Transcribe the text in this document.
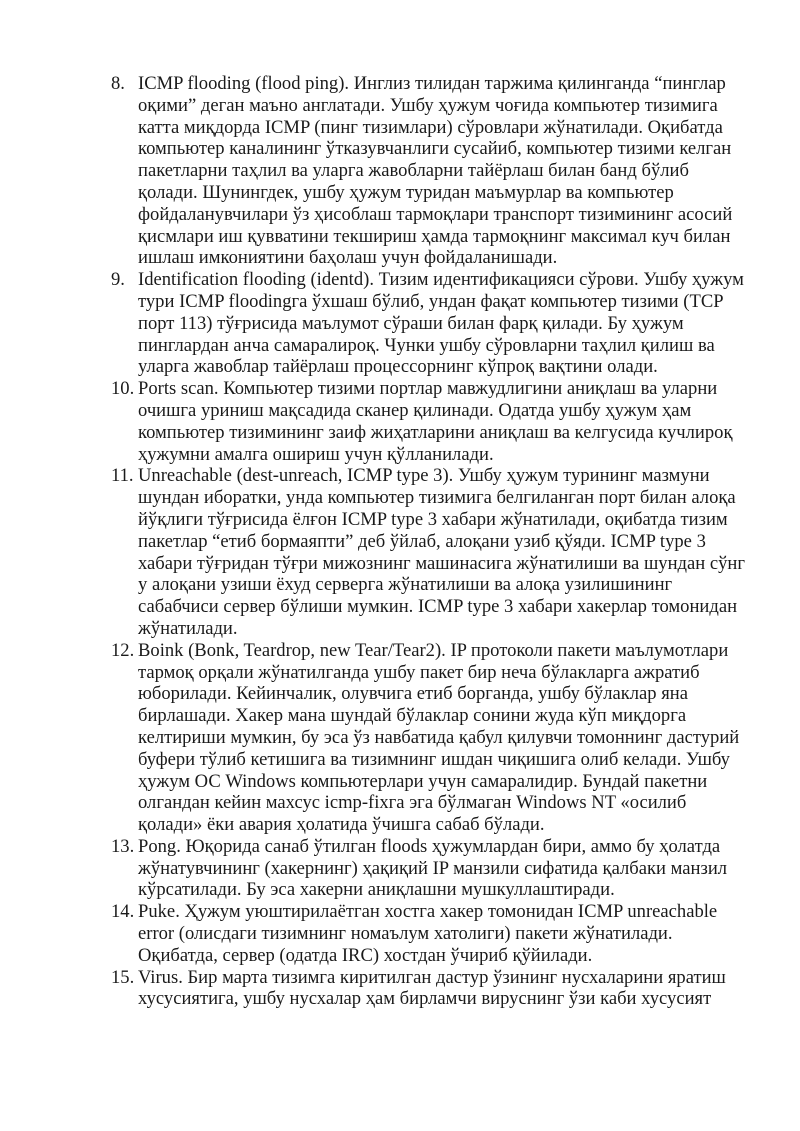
8. ICMP flooding (flood ping). Инглиз тилидан таржима қилинганда “пинглар оқими” деган маъно англатади. Ушбу ҳужум чоғида компьютер тизимига катта миқдорда ICMP (пинг тизимлари) сўровлари жўнатилади. Оқибатда компьютер каналининг ўтказувчанлиги сусайиб, компьютер тизими келган пакетларни таҳлил ва уларга жавобларни тайёрлаш билан банд бўлиб қолади. Шунингдек, ушбу ҳужум туридан маъмурлар ва компьютер фойдаланувчилари ўз ҳисоблаш тармоқлари транспорт тизимининг асосий қисмлари иш қувватини текшириш ҳамда тармоқнинг максимал куч билан ишлаш имкониятини баҳолаш учун фойдаланишади.
9. Identification flooding (identd). Тизим идентификацияси сўрови. Ушбу ҳужум тури ICMP floodingга ўхшаш бўлиб, ундан фақат компьютер тизими (TCP порт 113) тўғрисида маълумот сўраши билан фарқ қилади. Бу ҳужум пинглардан анча самаралироқ. Чунки ушбу сўровларни таҳлил қилиш ва уларга жавоблар тайёрлаш процессорнинг кўпроқ вақтини олади.
10. Ports scan. Компьютер тизими портлар мавжудлигини аниқлаш ва уларни очишга уриниш мақсадида сканер қилинади. Одатда ушбу ҳужум ҳам компьютер тизимининг заиф жиҳатларини аниқлаш ва келгусида кучлироқ ҳужумни амалга ошириш учун қўлланилади.
11. Unreachable (dest-unreach, ICMP type 3). Ушбу ҳужум турининг мазмуни шундан иборатки, унда компьютер тизимига белгиланган порт билан алоқа йўқлиги тўғрисида ёлғон ICMP type 3 хабари жўнатилади, оқибатда тизим пакетлар “етиб бормаяпти” деб ўйлаб, алоқани узиб қўяди. ICMP type 3 хабари тўғридан тўғри мижознинг машинасига жўнатилиши ва шундан сўнг у алоқани узиши ёхуд серверга жўнатилиши ва алоқа узилишининг сабабчиси сервер бўлиши мумкин. ICMP type 3 хабари хакерлар томонидан жўнатилади.
12. Boink (Bonk, Teardrop, new Tear/Tear2). IP протоколи пакети маълумотлари тармоқ орқали жўнатилганда ушбу пакет бир неча бўлакларга ажратиб юборилади. Кейинчалик, олувчига етиб борганда, ушбу бўлаклар яна бирлашади. Хакер мана шундай бўлаклар сонини жуда кўп миқдорга келтириши мумкин, бу эса ўз навбатида қабул қилувчи томоннинг дастурий буфери тўлиб кетишига ва тизимнинг ишдан чиқишига олиб келади. Ушбу ҳужум ОС Windows компьютерлари учун самаралидир. Бундай пакетни олгандан кейин махсус icmp-fixга эга бўлмаган Windows NT «осилиб қолади» ёки авария ҳолатида ўчишга сабаб бўлади.
13. Pong. Юқорида санаб ўтилган floods ҳужумлардан бири, аммо бу ҳолатда жўнатувчининг (хакернинг) ҳақиқий IP манзили сифатида қалбаки манзил кўрсатилади. Бу эса хакерни аниқлашни мушкуллаштиради.
14. Puke. Ҳужум уюштирилаётган хостга хакер томонидан ICMP unreachable error (олисдаги тизимнинг номаълум хатолиги) пакети жўнатилади. Оқибатда, сервер (одатда IRC) хостдан ўчириб қўйилади.
15. Virus. Бир марта тизимга киритилган дастур ўзининг нусхаларини яратиш хусусиятига, ушбу нусхалар ҳам бирламчи вируснинг ўзи каби хусусият
